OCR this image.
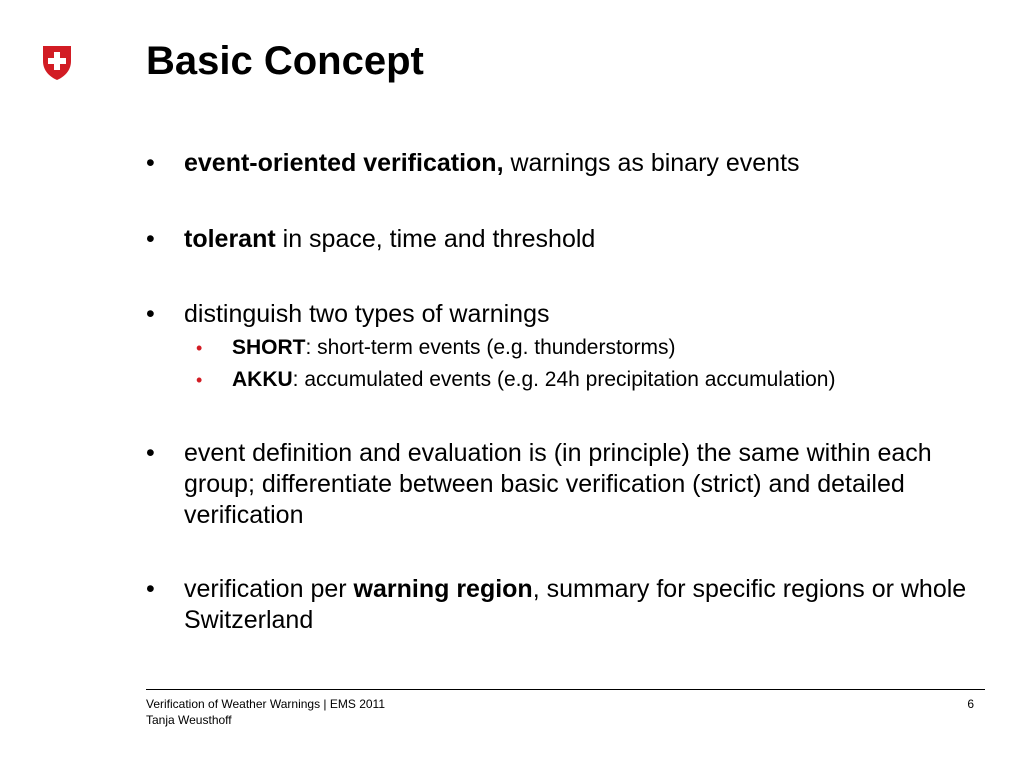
Basic Concept
• event-oriented verification, warnings as binary events
• tolerant in space, time and threshold
• distinguish two types of warnings
• SHORT: short-term events (e.g. thunderstorms)
• AKKU: accumulated events (e.g. 24h precipitation accumulation)
• event definition and evaluation is (in principle) the same within each group; differentiate between basic verification (strict) and detailed verification
• verification per warning region, summary for specific regions or whole Switzerland
Verification of Weather Warnings | EMS 2011
Tanja Weusthoff
6
